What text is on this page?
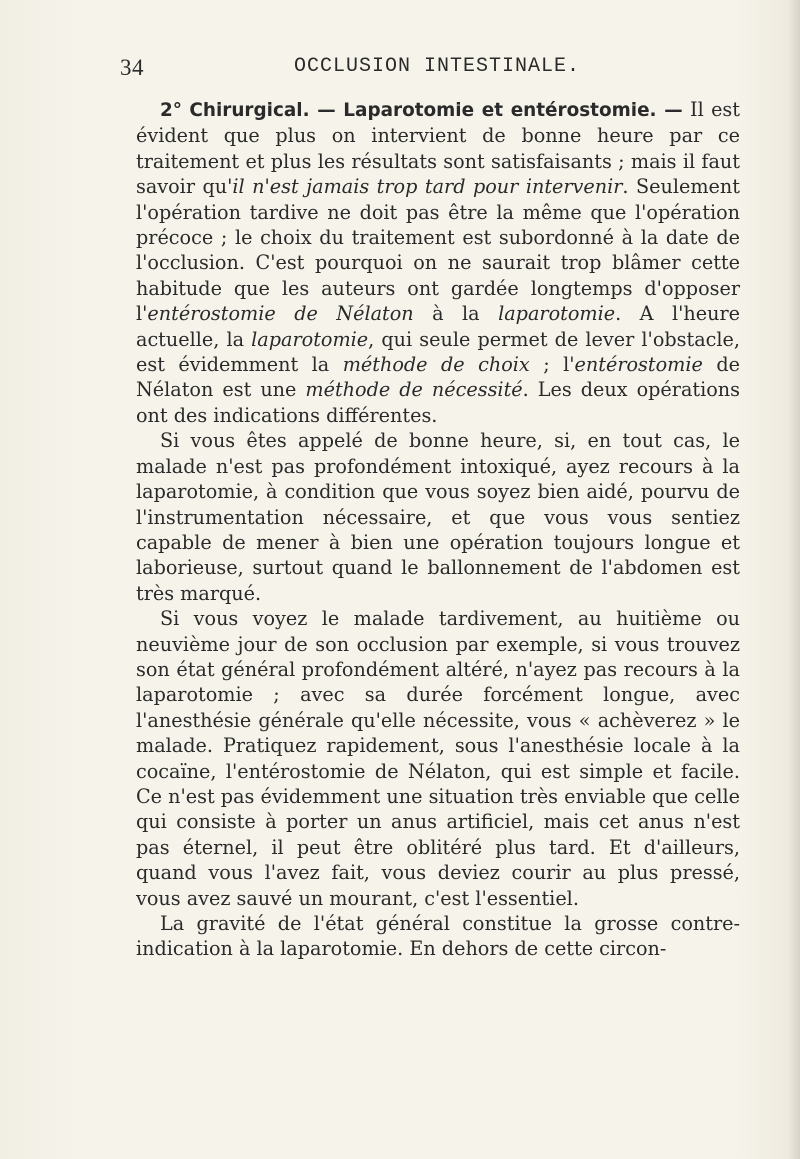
34	OCCLUSION INTESTINALE.

2° Chirurgical. — Laparotomie et entérostomie. — Il est évident que plus on intervient de bonne heure par ce traitement et plus les résultats sont satisfaisants ; mais il faut savoir qu'il n'est jamais trop tard pour intervenir. Seulement l'opération tardive ne doit pas être la même que l'opération précoce ; le choix du traitement est subordonné à la date de l'occlusion. C'est pourquoi on ne saurait trop blâmer cette habitude que les auteurs ont gardée longtemps d'opposer l'entérostomie de Nélaton à la laparotomie. A l'heure actuelle, la laparotomie, qui seule permet de lever l'obstacle, est évidemment la méthode de choix ; l'entérostomie de Nélaton est une méthode de nécessité. Les deux opérations ont des indications différentes.

Si vous êtes appelé de bonne heure, si, en tout cas, le malade n'est pas profondément intoxiqué, ayez recours à la laparotomie, à condition que vous soyez bien aidé, pourvu de l'instrumentation nécessaire, et que vous vous sentiez capable de mener à bien une opération toujours longue et laborieuse, surtout quand le ballonnement de l'abdomen est très marqué.

Si vous voyez le malade tardivement, au huitième ou neuvième jour de son occlusion par exemple, si vous trouvez son état général profondément altéré, n'ayez pas recours à la laparotomie ; avec sa durée forcément longue, avec l'anesthésie générale qu'elle nécessite, vous « achèverez » le malade. Pratiquez rapidement, sous l'anesthésie locale à la cocaïne, l'entérostomie de Nélaton, qui est simple et facile. Ce n'est pas évidemment une situation très enviable que celle qui consiste à porter un anus artificiel, mais cet anus n'est pas éternel, il peut être oblitéré plus tard. Et d'ailleurs, quand vous l'avez fait, vous deviez courir au plus pressé, vous avez sauvé un mourant, c'est l'essentiel.

La gravité de l'état général constitue la grosse contre-indication à la laparotomie. En dehors de cette circon-
